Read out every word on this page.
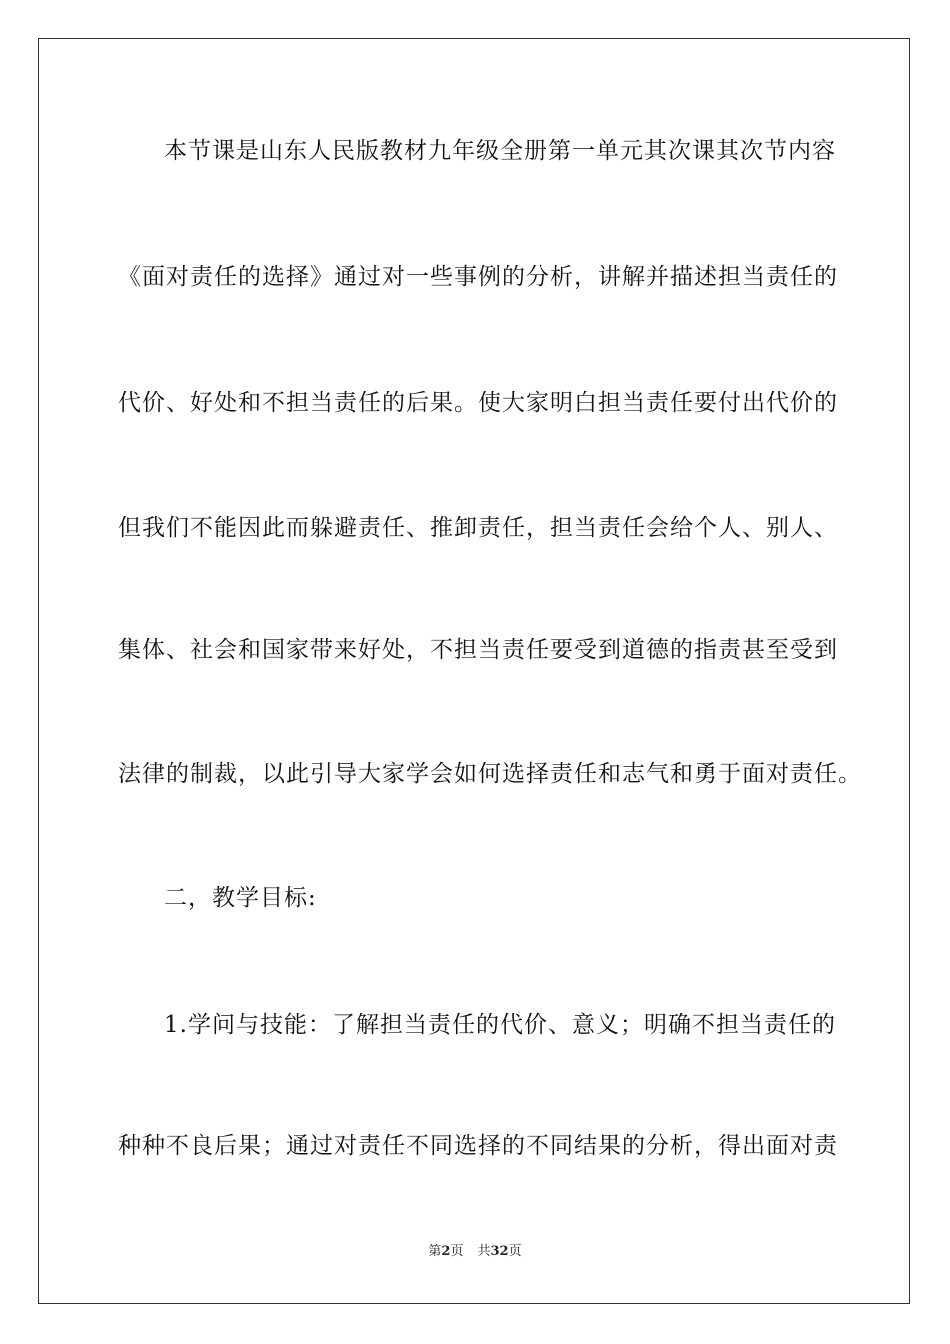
本节课是山东人民版教材九年级全册第一单元其次课其次节内容
《面对责任的选择》通过对一些事例的分析，讲解并描述担当责任的
代价、好处和不担当责任的后果。使大家明白担当责任要付出代价的
但我们不能因此而躲避责任、推卸责任，担当责任会给个人、别人、
集体、社会和国家带来好处，不担当责任要受到道德的指责甚至受到
法律的制裁，以此引导大家学会如何选择责任和志气和勇于面对责任。
二，教学目标:
1.学问与技能：了解担当责任的代价、意义；明确不担当责任的
种种不良后果；通过对责任不同选择的不同结果的分析，得出面对责
第2页 共32页
